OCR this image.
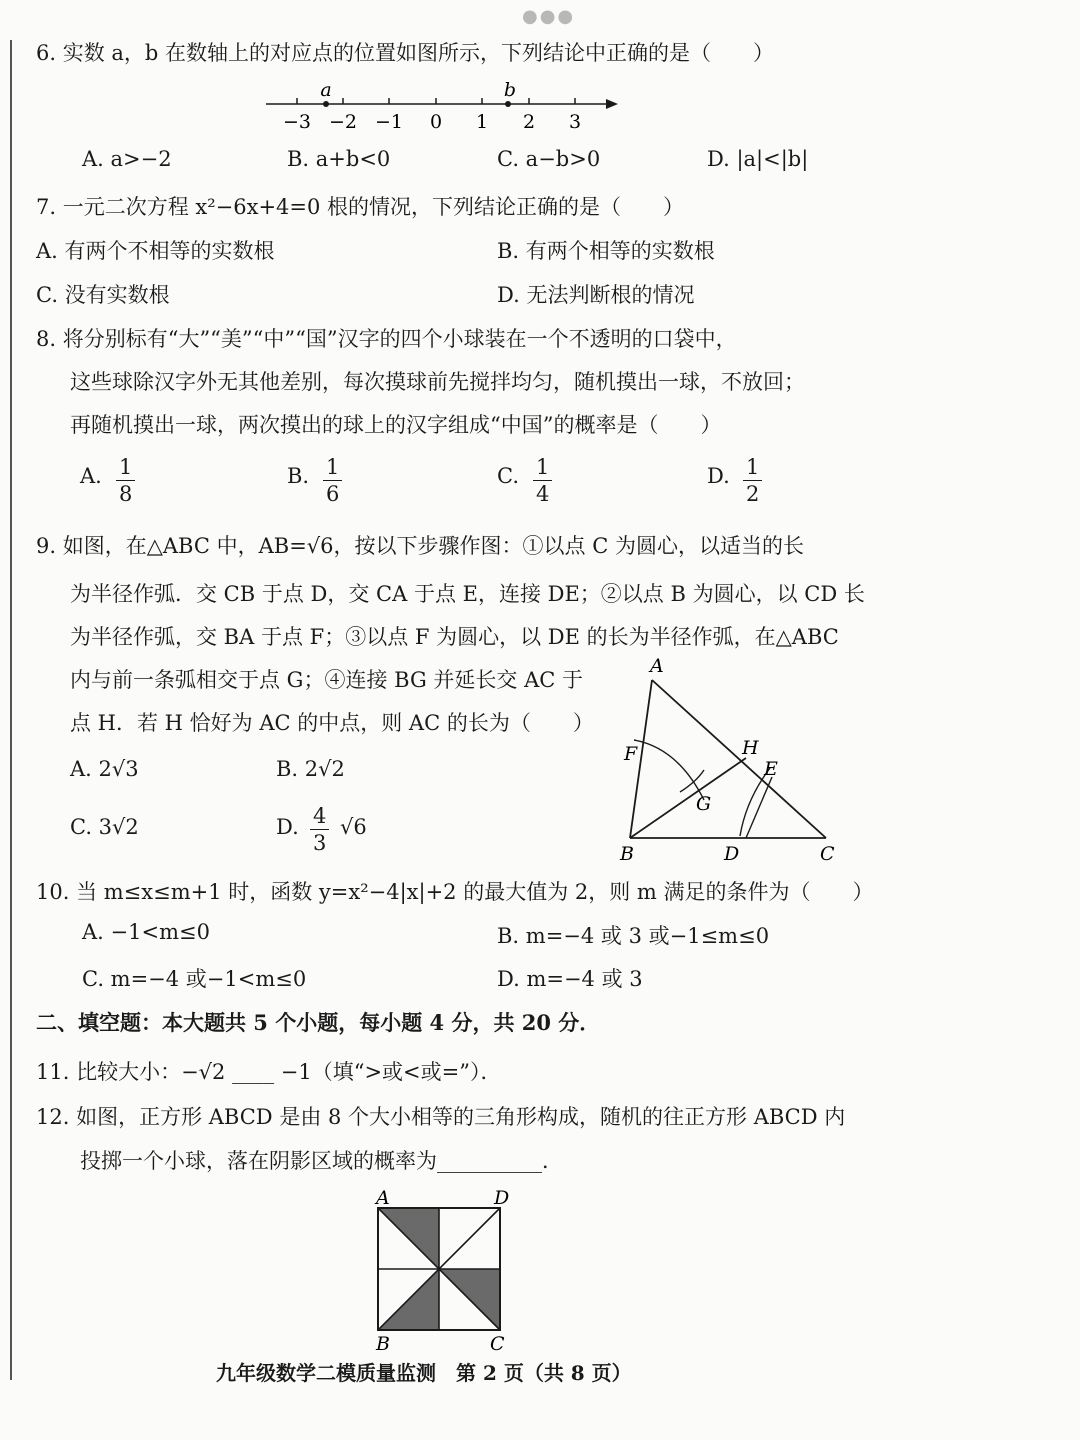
●●●
6. 实数 a，b 在数轴上的对应点的位置如图所示，下列结论中正确的是（　　）
a	b
−3 −2 −1 0 1 2 3
A. a>−2	B. a+b<0	C. a−b>0	D. |a|<|b|
7. 一元二次方程 x²−6x+4=0 根的情况，下列结论正确的是（　　）
A. 有两个不相等的实数根	B. 有两个相等的实数根
C. 没有实数根	D. 无法判断根的情况
8. 将分别标有“大”“美”“中”“国”汉字的四个小球装在一个不透明的口袋中，
这些球除汉字外无其他差别，每次摸球前先搅拌均匀，随机摸出一球，不放回；
再随机摸出一球，两次摸出的球上的汉字组成“中国”的概率是（　　）
A. $\frac{1}{8}$	B. $\frac{1}{6}$	C. $\frac{1}{4}$	D. $\frac{1}{2}$
9. 如图，在△ABC 中，AB=√6，按以下步骤作图：①以点 C 为圆心，以适当的长
为半径作弧．交 CB 于点 D，交 CA 于点 E，连接 DE；②以点 B 为圆心，以 CD 长
为半径作弧，交 BA 于点 F；③以点 F 为圆心，以 DE 的长为半径作弧，在△ABC
内与前一条弧相交于点 G；④连接 BG 并延长交 AC 于
点 H．若 H 恰好为 AC 的中点，则 AC 的长为（　　）
A. 2√3	B. 2√2
C. 3√2	D. $\frac{4}{3} √6$
A
B	C
D
E
F
G
H
10. 当 m≤x≤m+1 时，函数 y=x²−4|x|+2 的最大值为 2，则 m 满足的条件为（　　）
A. −1<m≤0	B. m=−4 或 3 或−1≤m≤0
C. m=−4 或−1<m≤0	D. m=−4 或 3
二、填空题：本大题共 5 个小题，每小题 4 分，共 20 分．
11. 比较大小：−√2 ____ −1（填“>或<或=”）．
12. 如图，正方形 ABCD 是由 8 个大小相等的三角形构成，随机的往正方形 ABCD 内
投掷一个小球，落在阴影区域的概率为__________．
A	D
B	C
九年级数学二模质量监测　第 2 页（共 8 页）
